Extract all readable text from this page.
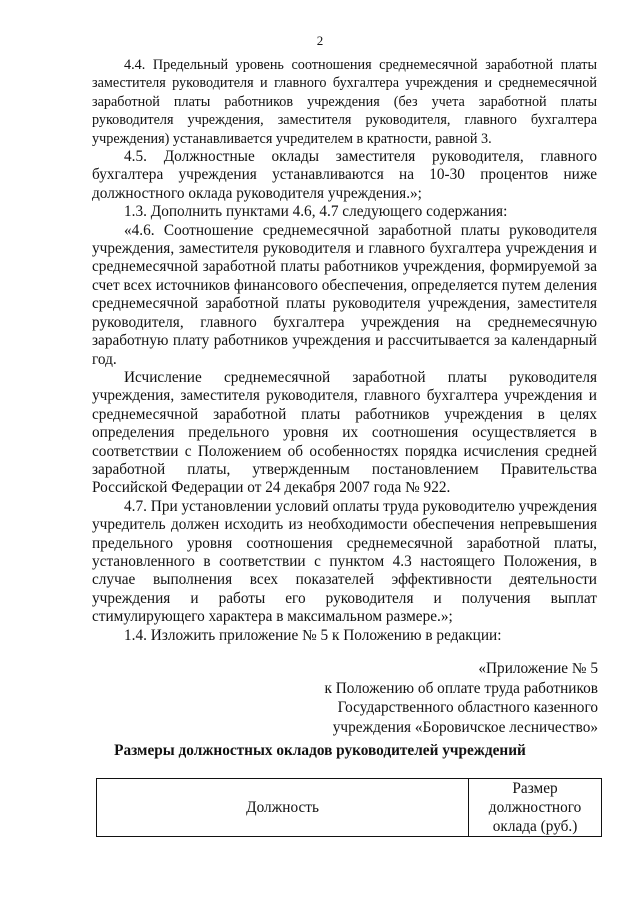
2

4.4. Предельный уровень соотношения среднемесячной заработной платы заместителя руководителя и главного бухгалтера учреждения и среднемесячной заработной платы работников учреждения (без учета заработной платы руководителя учреждения, заместителя руководителя, главного бухгалтера учреждения) устанавливается учредителем в кратности, равной 3.

4.5. Должностные оклады заместителя руководителя, главного бухгалтера учреждения устанавливаются на 10-30 процентов ниже должностного оклада руководителя учреждения.»;

1.3. Дополнить пунктами 4.6, 4.7 следующего содержания:

«4.6. Соотношение среднемесячной заработной платы руководителя учреждения, заместителя руководителя и главного бухгалтера учреждения и среднемесячной заработной платы работников учреждения, формируемой за счет всех источников финансового обеспечения, определяется путем деления среднемесячной заработной платы руководителя учреждения, заместителя руководителя, главного бухгалтера учреждения на среднемесячную заработную плату работников учреждения и рассчитывается за календарный год.

Исчисление среднемесячной заработной платы руководителя учреждения, заместителя руководителя, главного бухгалтера учреждения и среднемесячной заработной платы работников учреждения в целях определения предельного уровня их соотношения осуществляется в соответствии с Положением об особенностях порядка исчисления средней заработной платы, утвержденным постановлением Правительства Российской Федерации от 24 декабря 2007 года № 922.

4.7. При установлении условий оплаты труда руководителю учреждения учредитель должен исходить из необходимости обеспечения непревышения предельного уровня соотношения среднемесячной заработной платы, установленного в соответствии с пунктом 4.3 настоящего Положения, в случае выполнения всех показателей эффективности деятельности учреждения и работы его руководителя и получения выплат стимулирующего характера в максимальном размере.»;

1.4. Изложить приложение № 5 к Положению в редакции:

«Приложение № 5
к Положению об оплате труда работников
Государственного областного казенного
учреждения «Боровичское лесничество»
Размеры должностных окладов руководителей учреждений
Должность	Размер должностного оклада (руб.)
